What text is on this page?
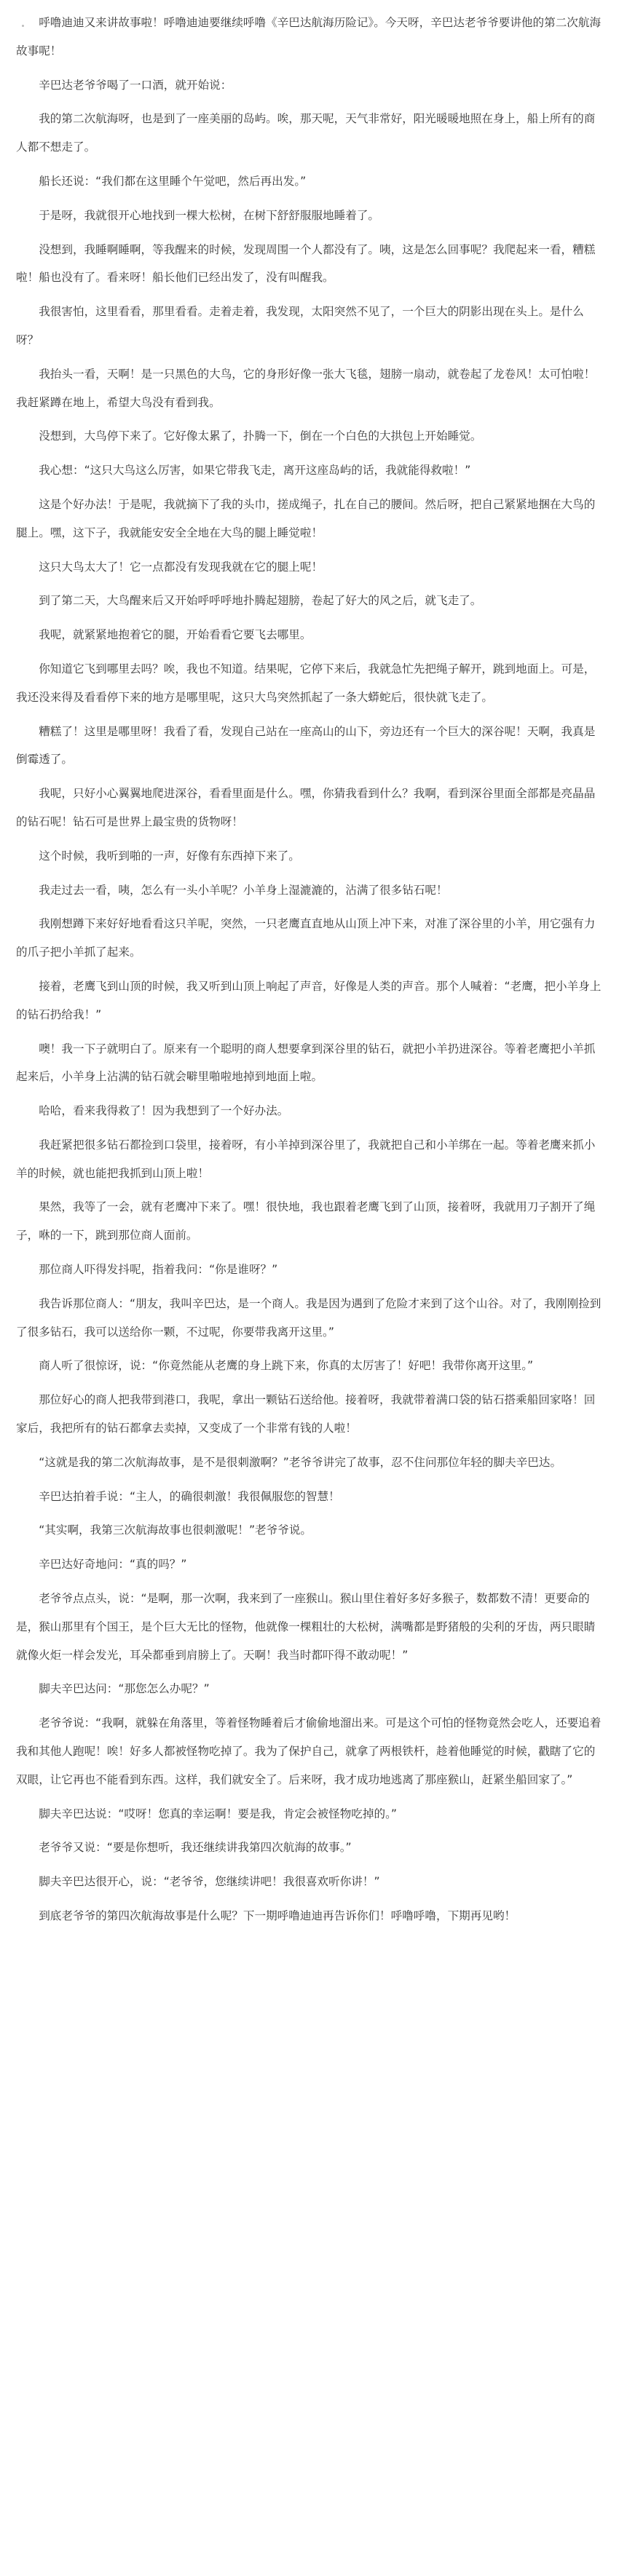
呼噜迪迪又来讲故事啦！呼噜迪迪要继续呼噜《辛巴达航海历险记》。今天呀，辛巴达老爷爷要讲他的第二次航海故事呢！

辛巴达老爷爷喝了一口酒，就开始说：

我的第二次航海呀，也是到了一座美丽的岛屿。唉，那天呢，天气非常好，阳光暖暖地照在身上，船上所有的商人都不想走了。

船长还说：“我们都在这里睡个午觉吧，然后再出发。”

于是呀，我就很开心地找到一棵大松树，在树下舒舒服服地睡着了。

没想到，我睡啊睡啊，等我醒来的时候，发现周围一个人都没有了。咦，这是怎么回事呢？我爬起来一看，糟糕啦！船也没有了。看来呀！船长他们已经出发了，没有叫醒我。

我很害怕，这里看看，那里看看。走着走着，我发现，太阳突然不见了，一个巨大的阴影出现在头上。是什么呀？

我抬头一看，天啊！是一只黑色的大鸟，它的身形好像一张大飞毯，翅膀一扇动，就卷起了龙卷风！太可怕啦！我赶紧蹲在地上，希望大鸟没有看到我。

没想到，大鸟停下来了。它好像太累了，扑腾一下，倒在一个白色的大拱包上开始睡觉。

我心想：“这只大鸟这么厉害，如果它带我飞走，离开这座岛屿的话，我就能得救啦！”

这是个好办法！于是呢，我就摘下了我的头巾，搓成绳子，扎在自己的腰间。然后呀，把自己紧紧地捆在大鸟的腿上。嘿，这下子，我就能安安全全地在大鸟的腿上睡觉啦！

这只大鸟太大了！它一点都没有发现我就在它的腿上呢！

到了第二天，大鸟醒来后又开始呼呼呼地扑腾起翅膀，卷起了好大的风之后，就飞走了。

我呢，就紧紧地抱着它的腿，开始看看它要飞去哪里。

你知道它飞到哪里去吗？唉，我也不知道。结果呢，它停下来后，我就急忙先把绳子解开，跳到地面上。可是，我还没来得及看看停下来的地方是哪里呢，这只大鸟突然抓起了一条大蟒蛇后，很快就飞走了。

糟糕了！这里是哪里呀！我看了看，发现自己站在一座高山的山下，旁边还有一个巨大的深谷呢！天啊，我真是倒霉透了。

我呢，只好小心翼翼地爬进深谷，看看里面是什么。嘿，你猜我看到什么？我啊，看到深谷里面全部都是亮晶晶的钻石呢！钻石可是世界上最宝贵的货物呀！

这个时候，我听到啪的一声，好像有东西掉下来了。

我走过去一看，咦，怎么有一头小羊呢？小羊身上湿漉漉的，沾满了很多钻石呢！

我刚想蹲下来好好地看看这只羊呢，突然，一只老鹰直直地从山顶上冲下来，对准了深谷里的小羊，用它强有力的爪子把小羊抓了起来。

接着，老鹰飞到山顶的时候，我又听到山顶上响起了声音，好像是人类的声音。那个人喊着：“老鹰，把小羊身上的钻石扔给我！”

噢！我一下子就明白了。原来有一个聪明的商人想要拿到深谷里的钻石，就把小羊扔进深谷。等着老鹰把小羊抓起来后，小羊身上沾满的钻石就会噼里啪啦地掉到地面上啦。

哈哈，看来我得救了！因为我想到了一个好办法。

我赶紧把很多钻石都捡到口袋里，接着呀，有小羊掉到深谷里了，我就把自己和小羊绑在一起。等着老鹰来抓小羊的时候，就也能把我抓到山顶上啦！

果然，我等了一会，就有老鹰冲下来了。嘿！很快地，我也跟着老鹰飞到了山顶，接着呀，我就用刀子割开了绳子，咻的一下，跳到那位商人面前。

那位商人吓得发抖呢，指着我问：“你是谁呀？”

我告诉那位商人：“朋友，我叫辛巴达，是一个商人。我是因为遇到了危险才来到了这个山谷。对了，我刚刚捡到了很多钻石，我可以送给你一颗，不过呢，你要带我离开这里。”

商人听了很惊讶，说：“你竟然能从老鹰的身上跳下来，你真的太厉害了！好吧！我带你离开这里。”

那位好心的商人把我带到港口，我呢，拿出一颗钻石送给他。接着呀，我就带着满口袋的钻石搭乘船回家咯！回家后，我把所有的钻石都拿去卖掉，又变成了一个非常有钱的人啦！

“这就是我的第二次航海故事，是不是很刺激啊？”老爷爷讲完了故事，忍不住问那位年轻的脚夫辛巴达。

辛巴达拍着手说：“主人，的确很刺激！我很佩服您的智慧！

“其实啊，我第三次航海故事也很刺激呢！”老爷爷说。

辛巴达好奇地问：“真的吗？”

老爷爷点点头，说：“是啊，那一次啊，我来到了一座猴山。猴山里住着好多好多猴子，数都数不清！更要命的是，猴山那里有个国王，是个巨大无比的怪物，他就像一棵粗壮的大松树，满嘴都是野猪般的尖利的牙齿，两只眼睛就像火炬一样会发光，耳朵都垂到肩膀上了。天啊！我当时都吓得不敢动呢！”

脚夫辛巴达问：“那您怎么办呢？”

老爷爷说：“我啊，就躲在角落里，等着怪物睡着后才偷偷地溜出来。可是这个可怕的怪物竟然会吃人，还要追着我和其他人跑呢！唉！好多人都被怪物吃掉了。我为了保护自己，就拿了两根铁杆，趁着他睡觉的时候，戳瞎了它的双眼，让它再也不能看到东西。这样，我们就安全了。后来呀，我才成功地逃离了那座猴山，赶紧坐船回家了。”

脚夫辛巴达说：“哎呀！您真的幸运啊！要是我，肯定会被怪物吃掉的。”

老爷爷又说：“要是你想听，我还继续讲我第四次航海的故事。”

脚夫辛巴达很开心，说：“老爷爷，您继续讲吧！我很喜欢听你讲！”

到底老爷爷的第四次航海故事是什么呢？下一期呼噜迪迪再告诉你们！呼噜呼噜，下期再见哟！
